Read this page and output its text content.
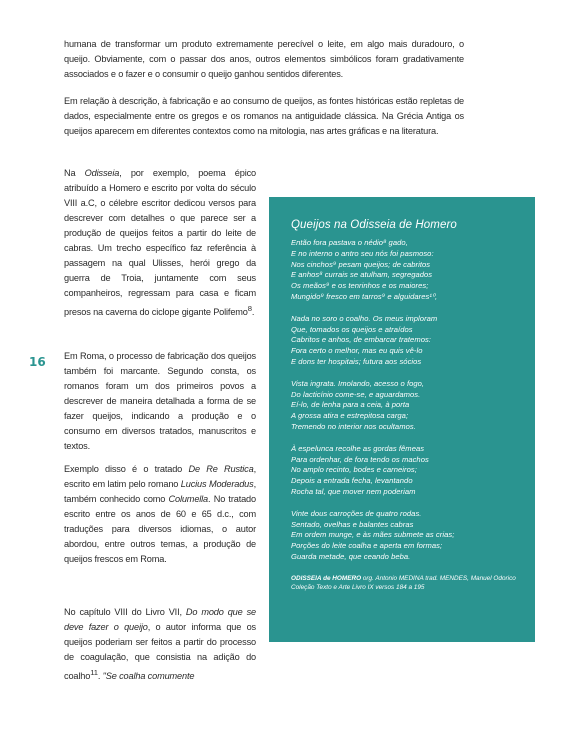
humana de transformar um produto extremamente perecível o leite, em algo mais duradouro, o queijo. Obviamente, com o passar dos anos, outros elementos simbólicos foram gradativamente associados e o fazer e o consumir o queijo ganhou sentidos diferentes.

Em relação à descrição, à fabricação e ao consumo de queijos, as fontes históricas estão repletas de dados, especialmente entre os gregos e os romanos na antiguidade clássica. Na Grécia Antiga os queijos aparecem em diferentes contextos como na mitologia, nas artes gráficas e na literatura.

Na Odisseia, por exemplo, poema épico atribuído a Homero e escrito por volta do século VIII a.C, o célebre escritor dedicou versos para descrever com detalhes o que parece ser a produção de queijos feitos a partir do leite de cabras. Um trecho específico faz referência à passagem na qual Ulisses, herói grego da guerra de Troia, juntamente com seus companheiros, regressam para casa e ficam presos na caverna do ciclope gigante Polifemo$^8$.

16 Em Roma, o processo de fabricação dos queijos também foi marcante. Segundo consta, os romanos foram um dos primeiros povos a descrever de maneira detalhada a forma de se fazer queijos, indicando a produção e o consumo em diversos tratados, manuscritos e textos.

Exemplo disso é o tratado De Re Rustica, escrito em latim pelo romano Lucius Moderadus, também conhecido como Columella. No tratado escrito entre os anos de 60 e 65 d.c., com traduções para diversos idiomas, o autor abordou, entre outros temas, a produção de queijos frescos em Roma.

No capítulo VIII do Livro VII, Do modo que se deve fazer o queijo, o autor informa que os queijos poderiam ser feitos a partir do processo de coagulação, que consistia na adição do coalho$^{11}$. "Se coalha comumente

Queijos na Odisseia de Homero
Então fora pastava o nédio⁸ gado,
E no interno o antro seu nós foi pasmoso:
Nos cinchos⁹ pesam queijos; de cabritos
E anhos⁸ currais se atulham, segregados
Os meãos⁹ e os tenrinhos e os maiores;
Mungido⁹ fresco em tarros⁹ e alguidares¹⁰,
Nada no soro o coalho. Os meus imploram
Que, tomados os queijos e atraídos
Cabritos e anhos, de embarcar tratemos:
Fora certo o melhor, mas eu quis vê-lo
E dons ter hospitais; futura aos sócios
Vista ingrata. Imolando, acesso o fogo,
Do lacticínio come-se, e aguardamos.
Eí-lo, de lenha para a ceia, à porta
A grossa atira e estrepitosa carga;
Tremendo no interior nos ocultamos.
À espelunca recolhe as gordas fêmeas
Para ordenhar, de fora tendo os machos
No amplo recinto, bodes e carneiros;
Depois a entrada fecha, levantando
Rocha tal, que mover nem poderiam
Vinte dous carroções de quatro rodas.
Sentado, ovelhas e balantes cabras
Em ordem munge, e às mães submete as crias;
Porções do leite coalha e aperta em formas;
Guarda metade, que ceando beba.
ODISSEIA de HOMERO org. Antonio MEDINA trad. MENDES, Manuel Odorico Coleção Texto e Arte Livro IX versos 184 a 195
